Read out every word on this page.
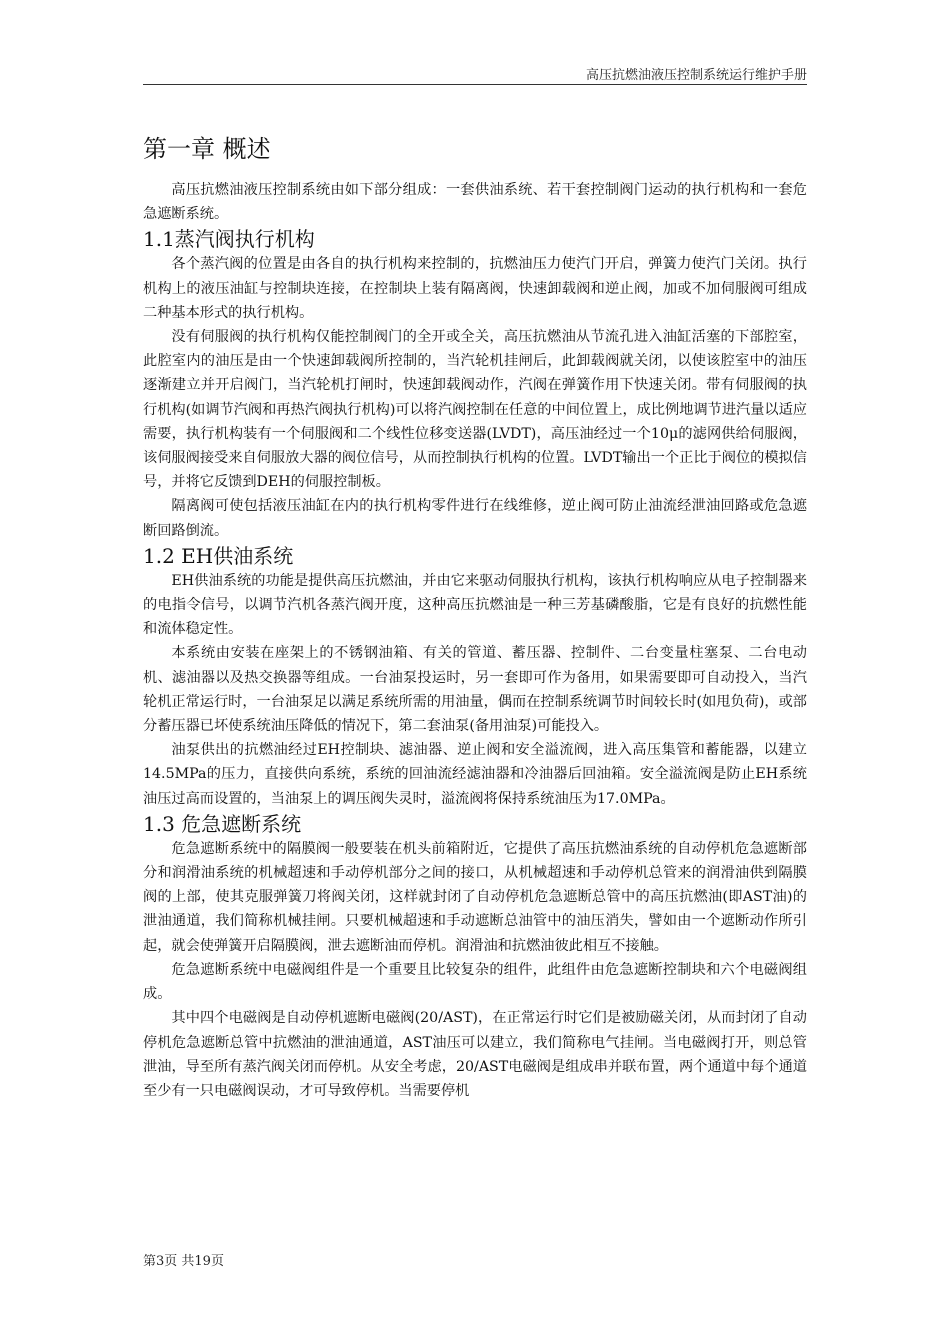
高压抗燃油液压控制系统运行维护手册
第一章 概述

高压抗燃油液压控制系统由如下部分组成：一套供油系统、若干套控制阀门运动的执行机构和一套危急遮断系统。

1.1蒸汽阀执行机构

各个蒸汽阀的位置是由各自的执行机构来控制的，抗燃油压力使汽门开启，弹簧力使汽门关闭。执行机构上的液压油缸与控制块连接，在控制块上装有隔离阀，快速卸载阀和逆止阀，加或不加伺服阀可组成二种基本形式的执行机构。

没有伺服阀的执行机构仅能控制阀门的全开或全关，高压抗燃油从节流孔进入油缸活塞的下部腔室，此腔室内的油压是由一个快速卸载阀所控制的，当汽轮机挂闸后，此卸载阀就关闭，以使该腔室中的油压逐渐建立并开启阀门，当汽轮机打闸时，快速卸载阀动作，汽阀在弹簧作用下快速关闭。带有伺服阀的执行机构(如调节汽阀和再热汽阀执行机构)可以将汽阀控制在任意的中间位置上，成比例地调节进汽量以适应需要，执行机构装有一个伺服阀和二个线性位移变送器(LVDT)，高压油经过一个10μ的滤网供给伺服阀，该伺服阀接受来自伺服放大器的阀位信号，从而控制执行机构的位置。LVDT输出一个正比于阀位的模拟信号，并将它反馈到DEH的伺服控制板。

隔离阀可使包括液压油缸在内的执行机构零件进行在线维修，逆止阀可防止油流经泄油回路或危急遮断回路倒流。

1.2 EH供油系统

EH供油系统的功能是提供高压抗燃油，并由它来驱动伺服执行机构，该执行机构响应从电子控制器来的电指令信号，以调节汽机各蒸汽阀开度，这种高压抗燃油是一种三芳基磷酸脂，它是有良好的抗燃性能和流体稳定性。

本系统由安装在座架上的不锈钢油箱、有关的管道、蓄压器、控制件、二台变量柱塞泵、二台电动机、滤油器以及热交换器等组成。一台油泵投运时，另一套即可作为备用，如果需要即可自动投入，当汽轮机正常运行时，一台油泵足以满足系统所需的用油量，偶而在控制系统调节时间较长时(如甩负荷)，或部分蓄压器已坏使系统油压降低的情况下，第二套油泵(备用油泵)可能投入。

油泵供出的抗燃油经过EH控制块、滤油器、逆止阀和安全溢流阀，进入高压集管和蓄能器，以建立14.5MPa的压力，直接供向系统，系统的回油流经滤油器和冷油器后回油箱。安全溢流阀是防止EH系统油压过高而设置的，当油泵上的调压阀失灵时，溢流阀将保持系统油压为17.0MPa。

1.3 危急遮断系统

危急遮断系统中的隔膜阀一般要装在机头前箱附近，它提供了高压抗燃油系统的自动停机危急遮断部分和润滑油系统的机械超速和手动停机部分之间的接口，从机械超速和手动停机总管来的润滑油供到隔膜阀的上部，使其克服弹簧刀将阀关闭，这样就封闭了自动停机危急遮断总管中的高压抗燃油(即AST油)的泄油通道，我们简称机械挂闸。只要机械超速和手动遮断总油管中的油压消失，譬如由一个遮断动作所引起，就会使弹簧开启隔膜阀，泄去遮断油而停机。润滑油和抗燃油彼此相互不接触。

危急遮断系统中电磁阀组件是一个重要且比较复杂的组件，此组件由危急遮断控制块和六个电磁阀组成。

其中四个电磁阀是自动停机遮断电磁阀(20/AST)，在正常运行时它们是被励磁关闭，从而封闭了自动停机危急遮断总管中抗燃油的泄油通道，AST油压可以建立，我们简称电气挂闸。当电磁阀打开，则总管泄油，导至所有蒸汽阀关闭而停机。从安全考虑，20/AST电磁阀是组成串并联布置，两个通道中每个通道至少有一只电磁阀误动，才可导致停机。当需要停机

第3页 共19页
